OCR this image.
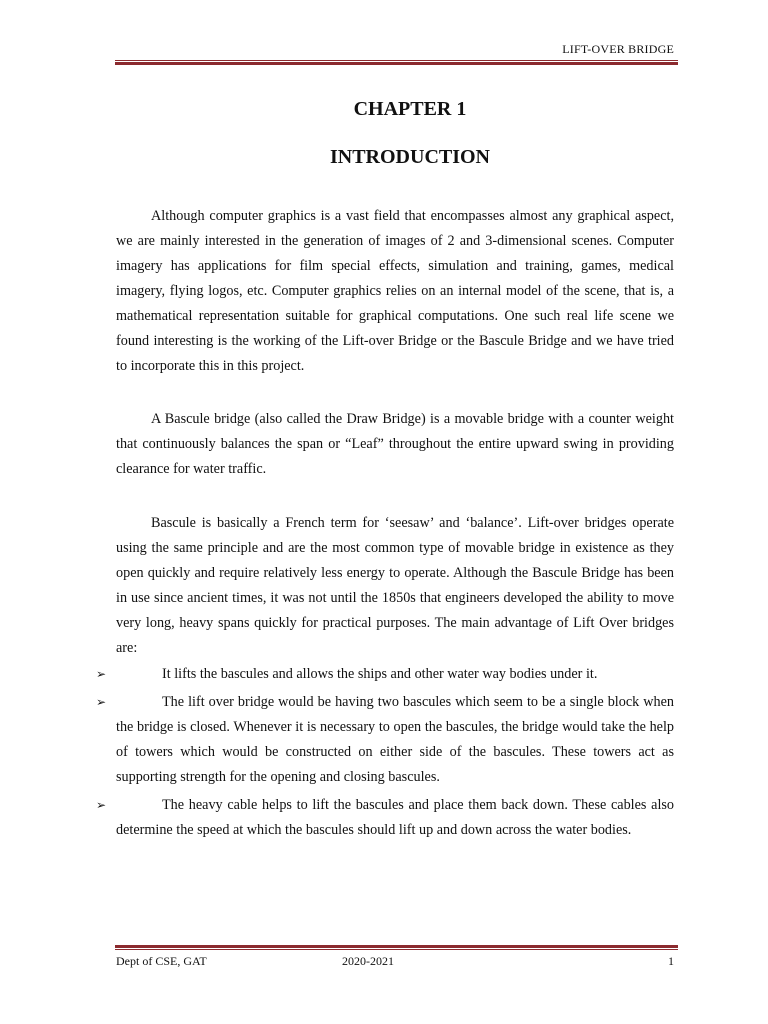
LIFT-OVER BRIDGE
CHAPTER 1
INTRODUCTION

Although computer graphics is a vast field that encompasses almost any graphical aspect, we are mainly interested in the generation of images of 2 and 3-dimensional scenes. Computer imagery has applications for film special effects, simulation and training, games, medical imagery, flying logos, etc. Computer graphics relies on an internal model of the scene, that is, a mathematical representation suitable for graphical computations. One such real life scene we found interesting is the working of the Lift-over Bridge or the Bascule Bridge and we have tried to incorporate this in this project.

A Bascule bridge (also called the Draw Bridge) is a movable bridge with a counter weight that continuously balances the span or “Leaf” throughout the entire upward swing in providing clearance for water traffic.

Bascule is basically a French term for ‘seesaw’ and ‘balance’. Lift-over bridges operate using the same principle and are the most common type of movable bridge in existence as they open quickly and require relatively less energy to operate. Although the Bascule Bridge has been in use since ancient times, it was not until the 1850s that engineers developed the ability to move very long, heavy spans quickly for practical purposes. The main advantage of Lift Over bridges are:

➢	It lifts the bascules and allows the ships and other water way bodies under it.

➢	The lift over bridge would be having two bascules which seem to be a single block when the bridge is closed. Whenever it is necessary to open the bascules, the bridge would take the help of towers which would be constructed on either side of the bascules. These towers act as supporting strength for the opening and closing bascules.

➢	The heavy cable helps to lift the bascules and place them back down. These cables also determine the speed at which the bascules should lift up and down across the water bodies.

Dept of CSE, GAT	2020-2021	1
